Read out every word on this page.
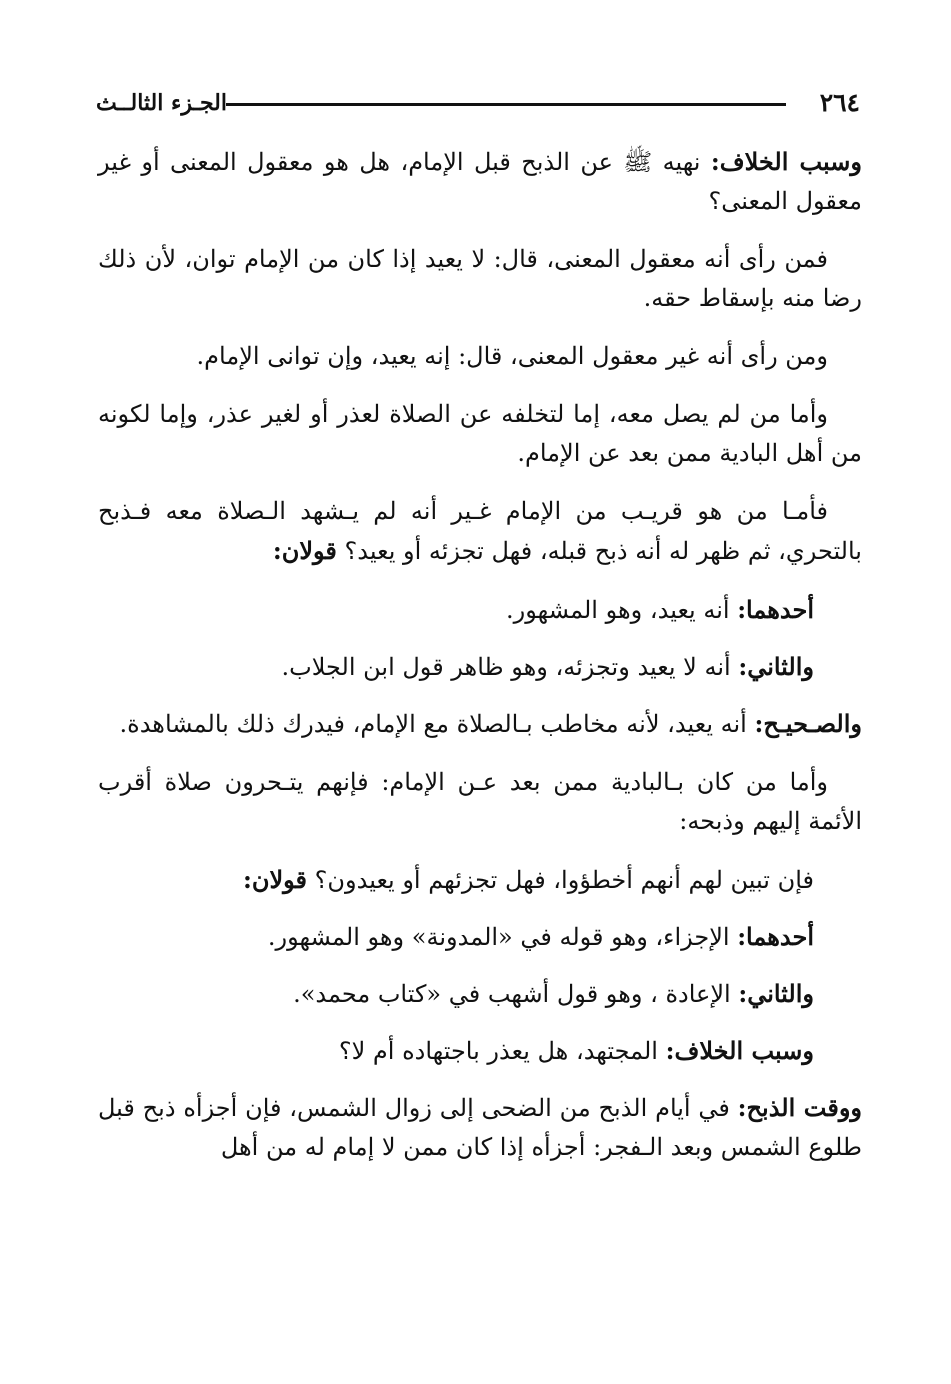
٢٦٤
الجـزء الثالــث

وسبب الخلاف: نهيه ﷺ عن الذبح قبل الإمام، هل هو معقول المعنى أو غير معقول المعنى؟

فمن رأى أنه معقول المعنى، قال: لا يعيد إذا كان من الإمام توان، لأن ذلك رضا منه بإسقاط حقه.

ومن رأى أنه غير معقول المعنى، قال: إنه يعيد، وإن توانى الإمام.

وأما من لم يصل معه، إما لتخلفه عن الصلاة لعذر أو لغير عذر، وإما لكونه من أهل البادية ممن بعد عن الإمام.

فأمـا من هو قريـب من الإمام غـير أنه لم يـشهد الـصلاة معه فـذبح بالتحري، ثم ظهر له أنه ذبح قبله، فهل تجزئه أو يعيد؟ قولان:

أحدهما: أنه يعيد، وهو المشهور.

والثاني: أنه لا يعيد وتجزئه، وهو ظاهر قول ابن الجلاب.

والصـحيـح: أنه يعيد، لأنه مخاطب بـالصلاة مع الإمام، فيدرك ذلك بالمشاهدة.

وأما من كان بـالبادية ممن بعد عـن الإمام: فإنهم يتـحرون صلاة أقرب الأئمة إليهم وذبحه:

فإن تبين لهم أنهم أخطؤوا، فهل تجزئهم أو يعيدون؟ قولان:

أحدهما: الإجزاء، وهو قوله في «المدونة» وهو المشهور.

والثاني: الإعادة ، وهو قول أشهب في «كتاب محمد».

وسبب الخلاف: المجتهد، هل يعذر باجتهاده أم لا؟

ووقت الذبح: في أيام الذبح من الضحى إلى زوال الشمس، فإن أجزأه ذبح قبل طلوع الشمس وبعد الـفجر: أجزأه إذا كان ممن لا إمام له من أهل
